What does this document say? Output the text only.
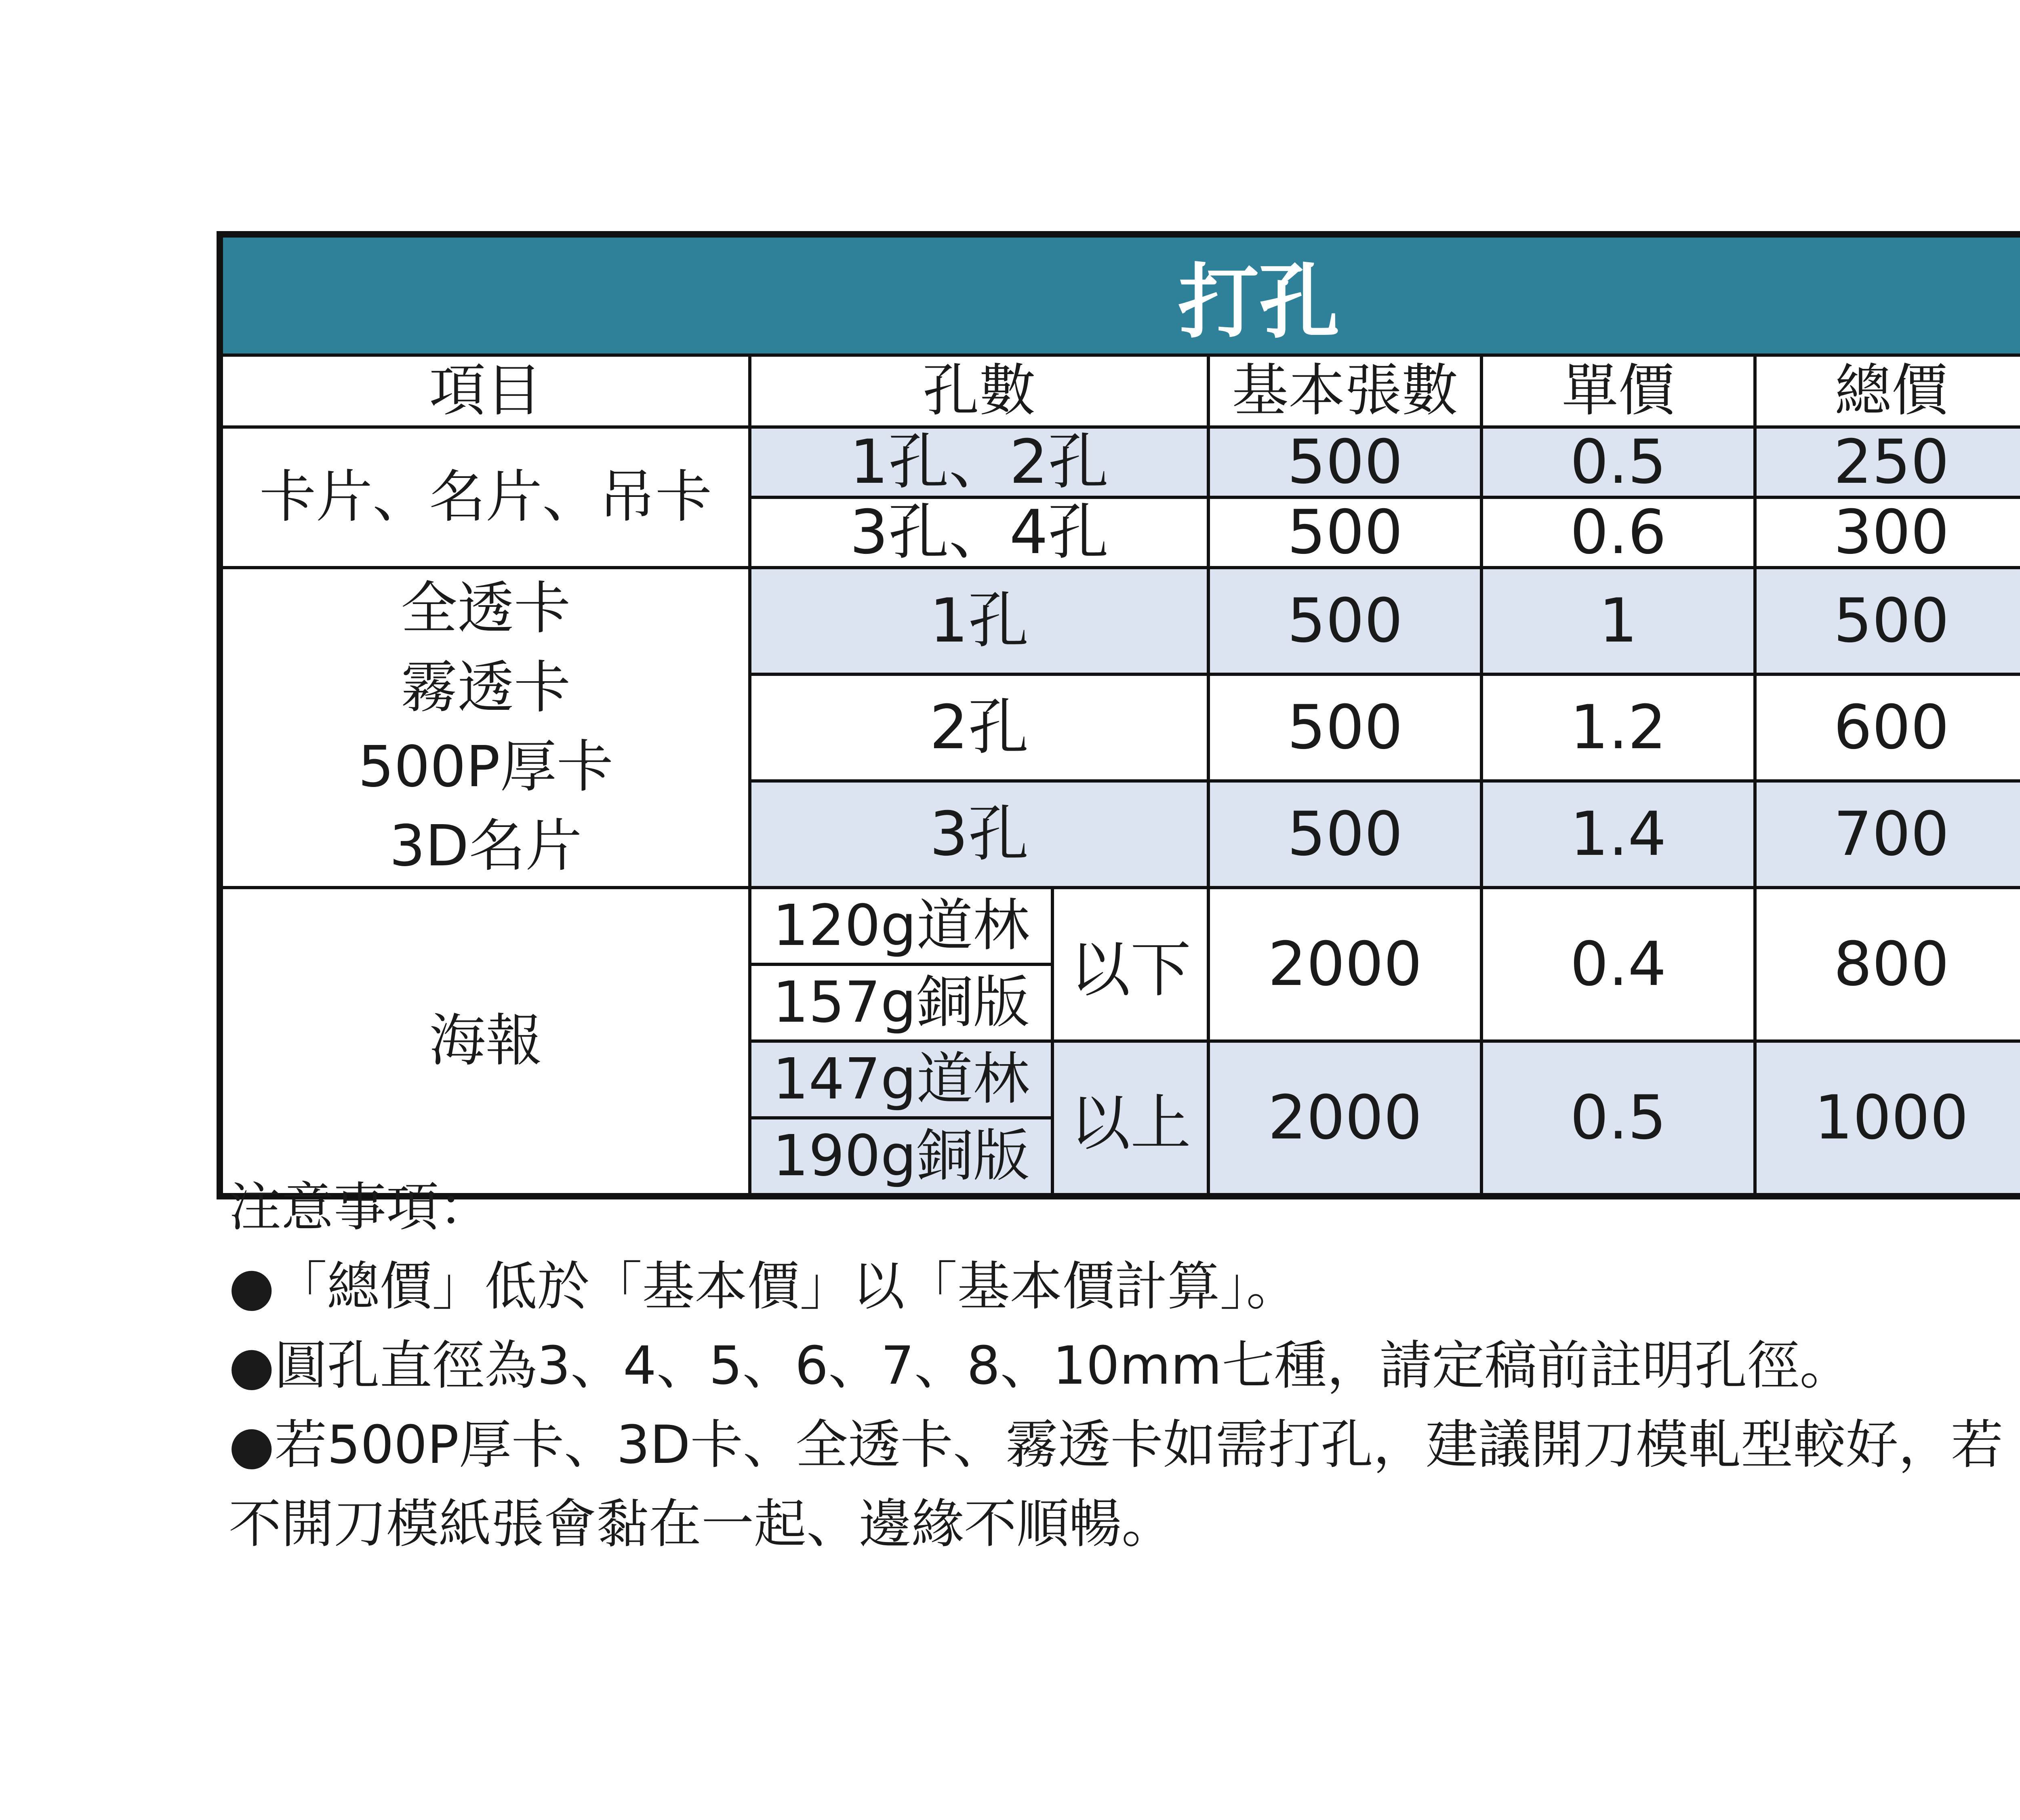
打孔						
項目	孔數		基本張數	單價	總價	
卡片、名片、吊卡	1孔、2孔		500	0.5	250	
	3孔、4孔		500	0.6	300	

全透卡
霧透卡
500P厚卡
3D名片	1孔		500	1	500	
	2孔		500	1.2	600	
	3孔		500	1.4	700	
海報	120g道林	以下	2000	0.4	800	
	157g銅版					
	147g道林	以上	2000	0.5	1000	
	190g銅版					
注意事項：
●「總價」低於「基本價」以「基本價計算」。
●圓孔直徑為3、4、5、6、7、8、10mm七種，請定稿前註明孔徑。
●若500P厚卡、3D卡、全透卡、霧透卡如需打孔，建議開刀模軋型較好，若
不開刀模紙張會黏在一起、邊緣不順暢。
